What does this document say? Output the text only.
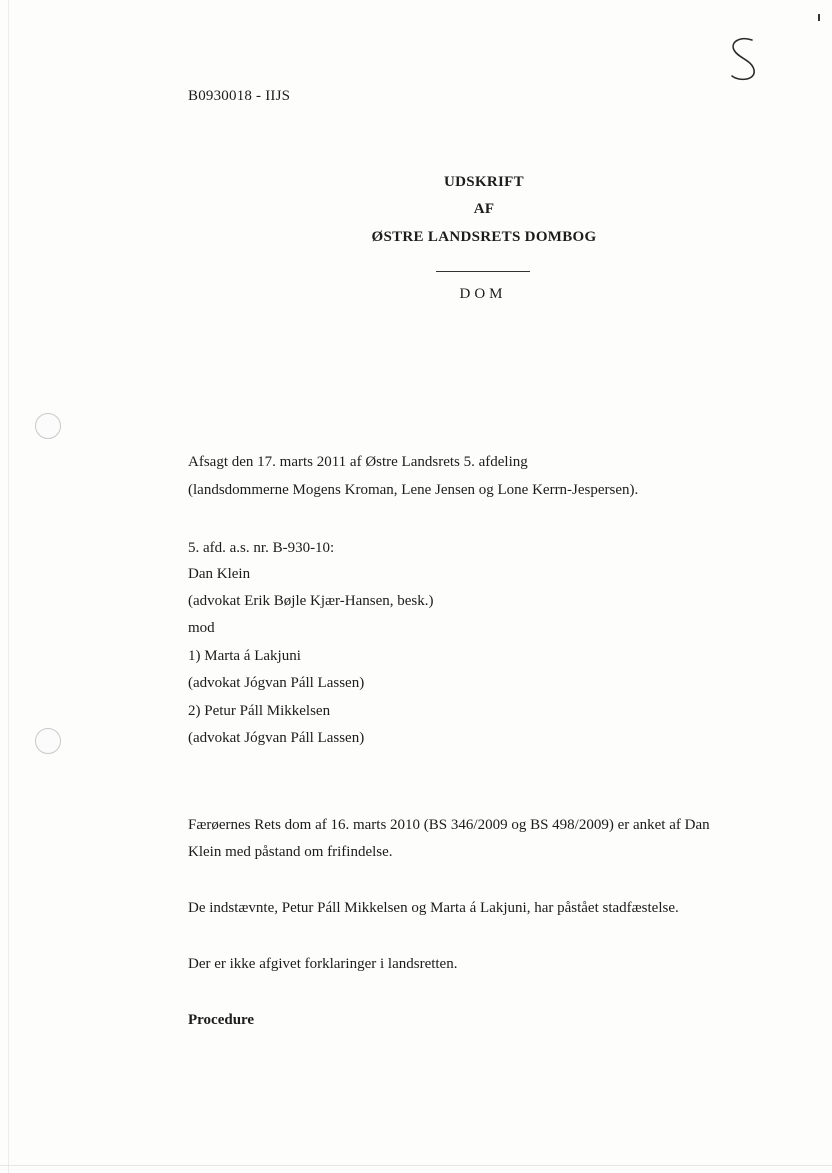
B0930018 - IIJS
UDSKRIFT
AF
ØSTRE LANDSRETS DOMBOG
DOM
Afsagt den 17. marts 2011 af Østre Landsrets 5. afdeling
(landsdommerne Mogens Kroman, Lene Jensen og Lone Kerrn-Jespersen).
5. afd. a.s. nr. B-930-10:
Dan Klein
(advokat Erik Bøjle Kjær-Hansen, besk.)
mod
1) Marta á Lakjuni
(advokat Jógvan Páll Lassen)
2) Petur Páll Mikkelsen
(advokat Jógvan Páll Lassen)
Færøernes Rets dom af 16. marts 2010 (BS 346/2009 og BS 498/2009) er anket af Dan
Klein med påstand om frifindelse.
De indstævnte, Petur Páll Mikkelsen og Marta á Lakjuni, har påstået stadfæstelse.
Der er ikke afgivet forklaringer i landsretten.
Procedure
